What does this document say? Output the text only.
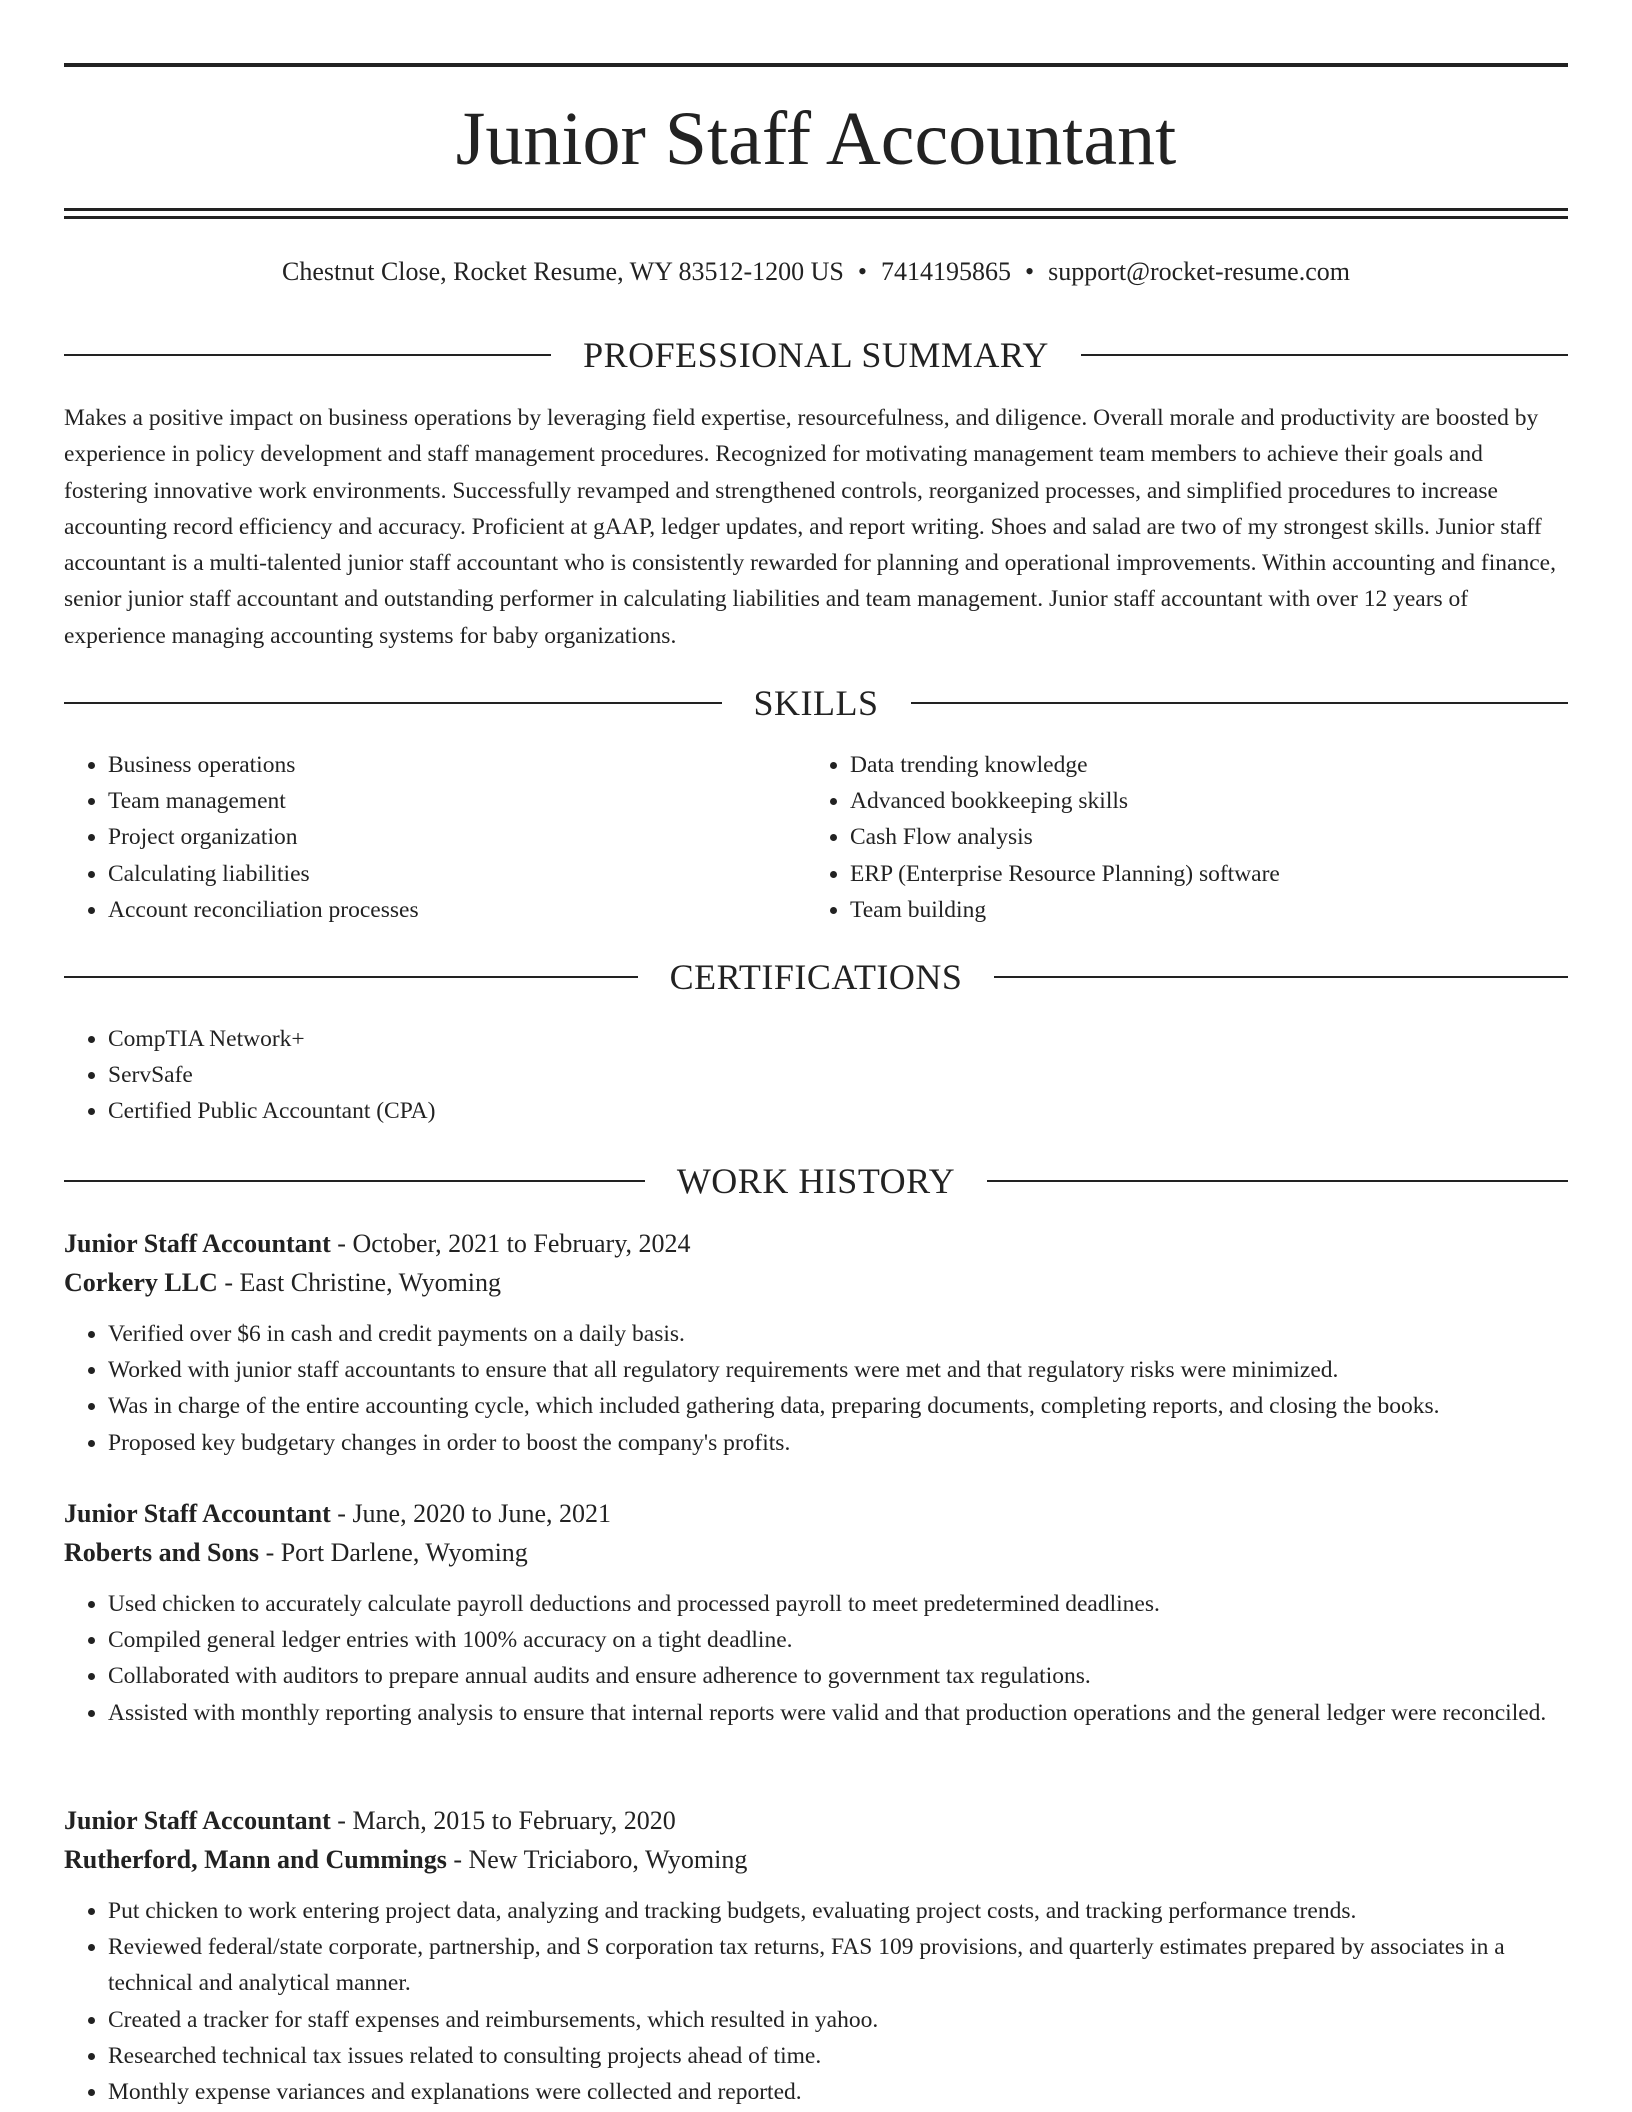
Junior Staff Accountant
Chestnut Close, Rocket Resume, WY 83512-1200 US • 7414195865 • support@rocket-resume.com
PROFESSIONAL SUMMARY

Makes a positive impact on business operations by leveraging field expertise, resourcefulness, and diligence. Overall morale and productivity are boosted by experience in policy development and staff management procedures. Recognized for motivating management team members to achieve their goals and fostering innovative work environments. Successfully revamped and strengthened controls, reorganized processes, and simplified procedures to increase accounting record efficiency and accuracy. Proficient at gAAP, ledger updates, and report writing. Shoes and salad are two of my strongest skills. Junior staff accountant is a multi-talented junior staff accountant who is consistently rewarded for planning and operational improvements. Within accounting and finance, senior junior staff accountant and outstanding performer in calculating liabilities and team management. Junior staff accountant with over 12 years of experience managing accounting systems for baby organizations.

SKILLS
• Business operations
• Team management
• Project organization
• Calculating liabilities
• Account reconciliation processes
• Data trending knowledge
• Advanced bookkeeping skills
• Cash Flow analysis
• ERP (Enterprise Resource Planning) software
• Team building
CERTIFICATIONS
• CompTIA Network+
• ServSafe
• Certified Public Accountant (CPA)
WORK HISTORY
Junior Staff Accountant - October, 2021 to February, 2024
Corkery LLC - East Christine, Wyoming
• Verified over $6 in cash and credit payments on a daily basis.
• Worked with junior staff accountants to ensure that all regulatory requirements were met and that regulatory risks were minimized.
• Was in charge of the entire accounting cycle, which included gathering data, preparing documents, completing reports, and closing the books.
• Proposed key budgetary changes in order to boost the company's profits.
Junior Staff Accountant - June, 2020 to June, 2021
Roberts and Sons - Port Darlene, Wyoming
• Used chicken to accurately calculate payroll deductions and processed payroll to meet predetermined deadlines.
• Compiled general ledger entries with 100% accuracy on a tight deadline.
• Collaborated with auditors to prepare annual audits and ensure adherence to government tax regulations.
• Assisted with monthly reporting analysis to ensure that internal reports were valid and that production operations and the general ledger were reconciled.
Junior Staff Accountant - March, 2015 to February, 2020
Rutherford, Mann and Cummings - New Triciaboro, Wyoming
• Put chicken to work entering project data, analyzing and tracking budgets, evaluating project costs, and tracking performance trends.
• Reviewed federal/state corporate, partnership, and S corporation tax returns, FAS 109 provisions, and quarterly estimates prepared by associates in a technical and analytical manner.
• Created a tracker for staff expenses and reimbursements, which resulted in yahoo.
• Researched technical tax issues related to consulting projects ahead of time.
• Monthly expense variances and explanations were collected and reported.
